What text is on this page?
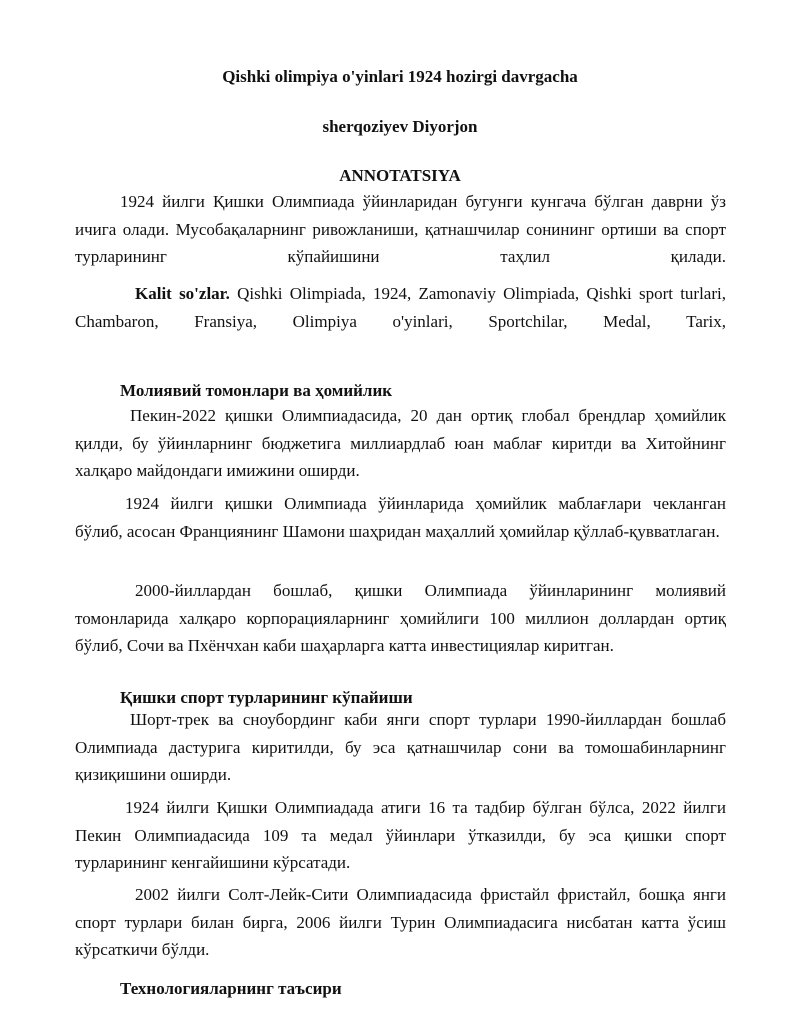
Qishki olimpiya o'yinlari 1924 hozirgi davrgacha
sherqoziyev Diyorjon
ANNOTATSIYA

1924 йилги Қишки Олимпиада ўйинларидан бугунги кунгача бўлган даврни ўз ичига олади. Мусобақаларнинг ривожланиши, қатнашчилар сонининг ортиши ва спорт турларининг кўпайишини таҳлил қилади.

Kalit so'zlar. Qishki Olimpiada, 1924, Zamonaviy Olimpiada, Qishki sport turlari, Chambaron, Fransiya, Olimpiya o'yinlari, Sportchilar, Medal, Tarix,

Молиявий томонлари ва ҳомийлик

Пекин-2022 қишки Олимпиадасида, 20 дан ортиқ глобал брендлар ҳомийлик қилди, бу ўйинларнинг бюджетига миллиардлаб юан маблағ киритди ва Хитойнинг халқаро майдондаги имижини оширди.

1924 йилги қишки Олимпиада ўйинларида ҳомийлик маблағлари чекланган бўлиб, асосан Франциянинг Шамони шаҳридан маҳаллий ҳомийлар қўллаб-қувватлаган.

2000-йиллардан бошлаб, қишки Олимпиада ўйинларининг молиявий томонларида халқаро корпорацияларнинг ҳомийлиги 100 миллион доллардан ортиқ бўлиб, Сочи ва Пхёнчхан каби шаҳарларга катта инвестициялар киритган.

Қишки спорт турларининг кўпайиши

Шорт-трек ва сноубординг каби янги спорт турлари 1990-йиллардан бошлаб Олимпиада дастурига киритилди, бу эса қатнашчилар сони ва томошабинларнинг қизиқишини оширди.

1924 йилги Қишки Олимпиадада атиги 16 та тадбир бўлган бўлса, 2022 йилги Пекин Олимпиадасида 109 та медал ўйинлари ўтказилди, бу эса қишки спорт турларининг кенгайишини кўрсатади.

2002 йилги Солт-Лейк-Сити Олимпиадасида фристайл фристайл, бошқа янги спорт турлари билан бирга, 2006 йилги Турин Олимпиадасига нисбатан катта ўсиш кўрсаткичи бўлди.

Технологияларнинг таъсири
